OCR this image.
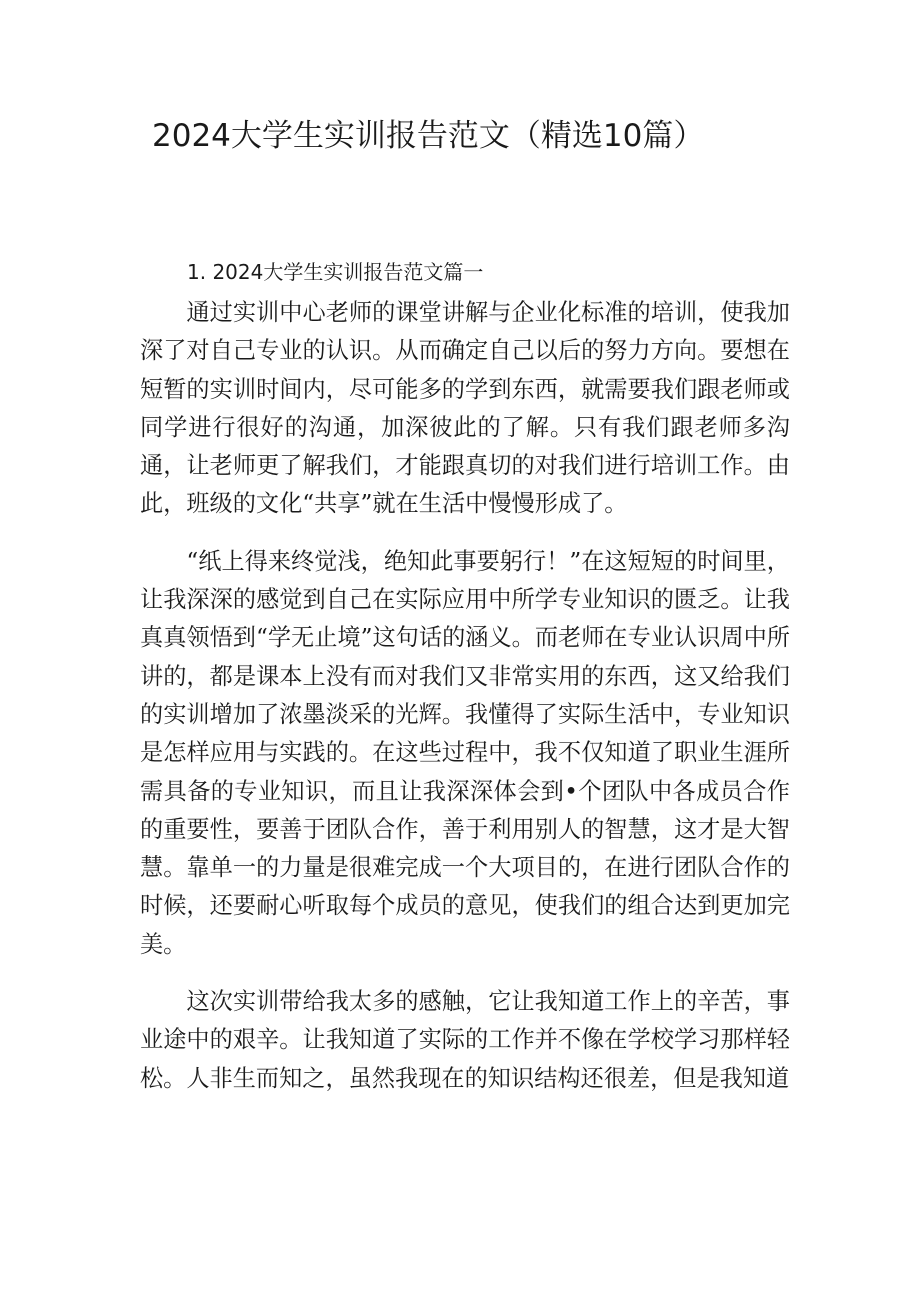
2024大学生实训报告范文（精选10篇）
1. 2024大学生实训报告范文篇一

通过实训中心老师的课堂讲解与企业化标准的培训，使我加深了对自己专业的认识。从而确定自己以后的努力方向。要想在短暂的实训时间内，尽可能多的学到东西，就需要我们跟老师或同学进行很好的沟通，加深彼此的了解。只有我们跟老师多沟通，让老师更了解我们，才能跟真切的对我们进行培训工作。由此，班级的文化“共享”就在生活中慢慢形成了。

“纸上得来终觉浅，绝知此事要躬行！”在这短短的时间里，让我深深的感觉到自己在实际应用中所学专业知识的匮乏。让我真真领悟到“学无止境”这句话的涵义。而老师在专业认识周中所讲的，都是课本上没有而对我们又非常实用的东西，这又给我们的实训增加了浓墨淡采的光辉。我懂得了实际生活中，专业知识是怎样应用与实践的。在这些过程中，我不仅知道了职业生涯所需具备的专业知识，而且让我深深体会到•个团队中各成员合作的重要性，要善于团队合作，善于利用别人的智慧，这才是大智慧。靠单一的力量是很难完成一个大项目的，在进行团队合作的时候，还要耐心听取每个成员的意见，使我们的组合达到更加完美。

这次实训带给我太多的感触，它让我知道工作上的辛苦，事业途中的艰辛。让我知道了实际的工作并不像在学校学习那样轻松。人非生而知之，虽然我现在的知识结构还很差，但是我知道
